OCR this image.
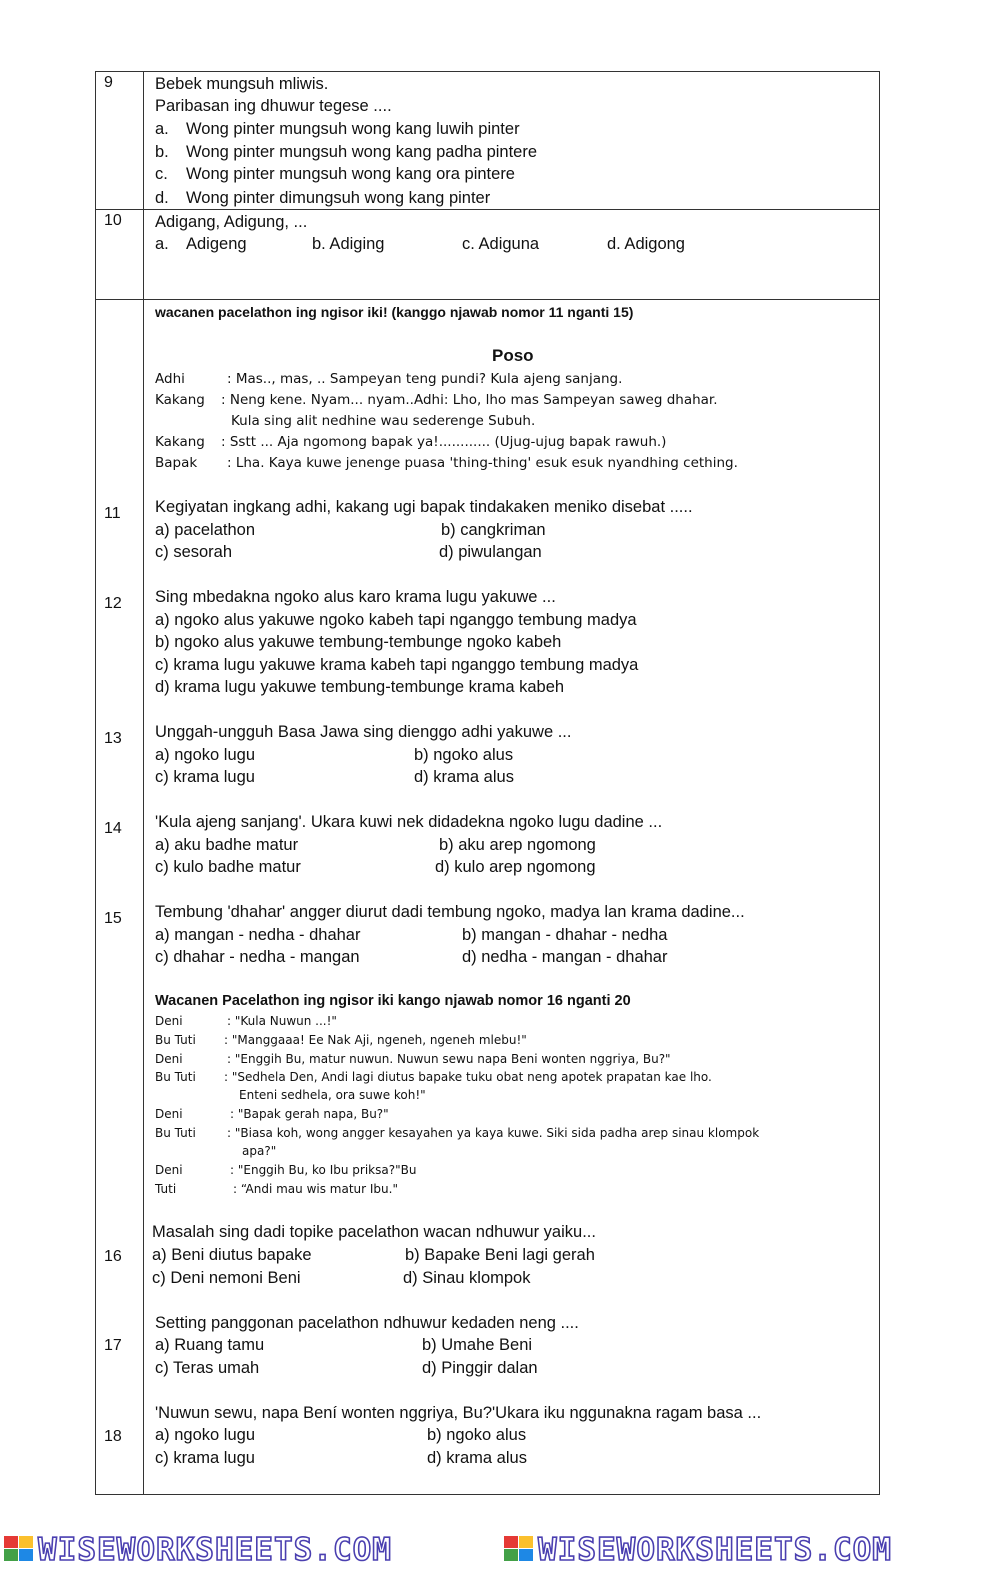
9	Bebek mungsuh mliwis.
Paribasan ing dhuwur tegese ....
a. Wong pinter mungsuh wong kang luwih pinter
b. Wong pinter mungsuh wong kang padha pintere
c. Wong pinter mungsuh wong kang ora pintere
d. Wong pinter dimungsuh wong kang pinter
10 Adigang, Adigung, ...
a. Adigeng	b. Adiging	c. Adiguna	d. Adigong
wacanen pacelathon ing ngisor iki! (kanggo njawab nomor 11 nganti 15)
Poso
Adhi	: Mas.., mas, .. Sampeyan teng pundi? Kula ajeng sanjang.
Kakang : Neng kene. Nyam... nyam..Adhi: Lho, lho mas Sampeyan saweg dhahar.
Kula sing alit nedhine wau sederenge Subuh.
Kakang : Sstt ... Aja ngomong bapak ya!............ (Ujug-ujug bapak rawuh.)
Bapak : Lha. Kaya kuwe jenenge puasa 'thing-thing' esuk esuk nyandhing cething.
11 Kegiyatan ingkang adhi, kakang ugi bapak tindakaken meniko disebat .....
a) pacelathon	b) cangkriman
c) sesorah	d) piwulangan
12 Sing mbedakna ngoko alus karo krama lugu yakuwe ...
a) ngoko alus yakuwe ngoko kabeh tapi nganggo tembung madya
b) ngoko alus yakuwe tembung-tembunge ngoko kabeh
c) krama lugu yakuwe krama kabeh tapi nganggo tembung madya
d) krama lugu yakuwe tembung-tembunge krama kabeh
13 Unggah-ungguh Basa Jawa sing dienggo adhi yakuwe ...
a) ngoko lugu	b) ngoko alus
c) krama lugu	d) krama alus
14 'Kula ajeng sanjang'. Ukara kuwi nek didadekna ngoko lugu dadine ...
a) aku badhe matur	b) aku arep ngomong
c) kulo badhe matur	d) kulo arep ngomong
15 Tembung 'dhahar' angger diurut dadi tembung ngoko, madya lan krama dadine...
a) mangan - nedha - dhahar	b) mangan - dhahar - nedha
c) dhahar - nedha - mangan	d) nedha - mangan - dhahar
Wacanen Pacelathon ing ngisor iki kango njawab nomor 16 nganti 20
Deni	: "Kula Nuwun ...!"
Bu Tuti : "Manggaaa! Ee Nak Aji, ngeneh, ngeneh mlebu!"
Deni	: "Enggih Bu, matur nuwun. Nuwun sewu napa Beni wonten nggriya, Bu?"
Bu Tuti : "Sedhela Den, Andi lagi diutus bapake tuku obat neng apotek prapatan kae lho.
Enteni sedhela, ora suwe koh!"
Deni	: "Bapak gerah napa, Bu?"
Bu Tuti	: "Biasa koh, wong angger kesayahen ya kaya kuwe. Siki sida padha arep sinau klompok
apa?"
Deni	: "Enggih Bu, ko Ibu priksa?"Bu
Tuti	: “Andi mau wis matur Ibu."
16
Masalah sing dadi topike pacelathon wacan ndhuwur yaiku...
a) Beni diutus bapake	b) Bapake Beni lagi gerah
c) Deni nemoni Beni	d) Sinau klompok
17
Setting panggonan pacelathon ndhuwur kedaden neng ....
a) Ruang tamu	b) Umahe Beni
c) Teras umah	d) Pinggir dalan
18
'Nuwun sewu, napa Bení wonten nggriya, Bu?'Ukara iku nggunakna ragam basa ...
a) ngoko lugu	b) ngoko alus
c) krama lugu	d) krama alus
WISEWORKSHEETS.COM	WISEWORKSHEETS.COM
